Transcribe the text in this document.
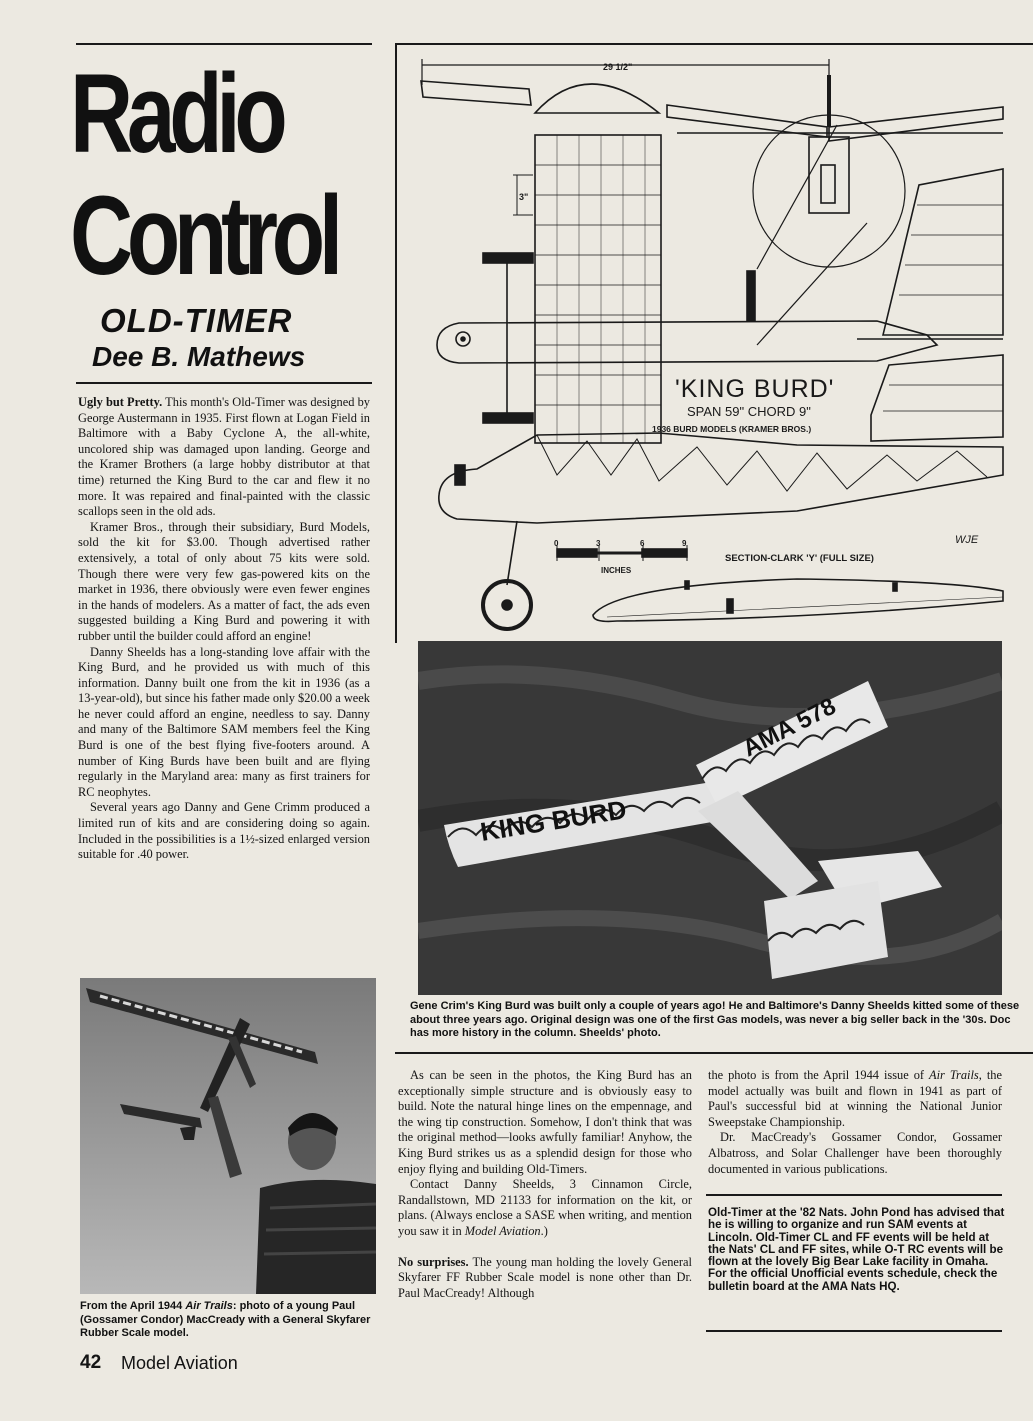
Radio
Control
OLD-TIMER
Dee B. Mathews

Ugly but Pretty. This month's Old-Timer was designed by George Austermann in 1935. First flown at Logan Field in Baltimore with a Baby Cyclone A, the all-white, uncolored ship was damaged upon landing. George and the Kramer Brothers (a large hobby distributor at that time) returned the King Burd to the car and flew it no more. It was repaired and final-painted with the classic scallops seen in the old ads.

Kramer Bros., through their subsidiary, Burd Models, sold the kit for $3.00. Though advertised rather extensively, a total of only about 75 kits were sold. Though there were very few gas-powered kits on the market in 1936, there obviously were even fewer engines in the hands of modelers. As a matter of fact, the ads even suggested building a King Burd and powering it with rubber until the builder could afford an engine!

Danny Sheelds has a long-standing love affair with the King Burd, and he provided us with much of this information. Danny built one from the kit in 1936 (as a 13-year-old), but since his father made only $20.00 a week he never could afford an engine, needless to say. Danny and many of the Baltimore SAM members feel the King Burd is one of the best flying five-footers around. A number of King Burds have been built and are flying regularly in the Maryland area: many as first trainers for RC neophytes.

Several years ago Danny and Gene Crimm produced a limited run of kits and are considering doing so again. Included in the possibilities is a 1½-sized enlarged version suitable for .40 power.

From the April 1944 Air Trails: photo of a young Paul (Gossamer Condor) MacCready with a General Skyfarer Rubber Scale model.
29 1/2"
3"
'KING BURD'
SPAN 59" CHORD 9"
1936 BURD MODELS (KRAMER BROS.)
0	3	6	9
INCHES
SECTION-CLARK 'Y' (FULL SIZE)
WJE
KING BURD
AMA 578
Gene Crim's King Burd was built only a couple of years ago! He and Baltimore's Danny Sheelds kitted some of these about three years ago. Original design was one of the first Gas models, was never a big seller back in the '30s. Doc has more history in the column. Sheelds' photo.

As can be seen in the photos, the King Burd has an exceptionally simple structure and is obviously easy to build. Note the natural hinge lines on the empennage, and the wing tip construction. Somehow, I don't think that was the original method—looks awfully familiar! Anyhow, the King Burd strikes us as a splendid design for those who enjoy flying and building Old-Timers.

Contact Danny Sheelds, 3 Cinnamon Circle, Randallstown, MD 21133 for information on the kit, or plans. (Always enclose a SASE when writing, and mention you saw it in Model Aviation.)

No surprises. The young man holding the lovely General Skyfarer FF Rubber Scale model is none other than Dr. Paul MacCready! Although

the photo is from the April 1944 issue of Air Trails, the model actually was built and flown in 1941 as part of Paul's successful bid at winning the National Junior Sweepstake Championship.

Dr. MacCready's Gossamer Condor, Gossamer Albatross, and Solar Challenger have been thoroughly documented in various publications.

Old-Timer at the '82 Nats. John Pond has advised that he is willing to organize and run SAM events at Lincoln. Old-Timer CL and FF events will be held at the Nats' CL and FF sites, while O-T RC events will be flown at the lovely Big Bear Lake facility in Omaha. For the official Unofficial events schedule, check the bulletin board at the AMA Nats HQ.
42 Model Aviation
